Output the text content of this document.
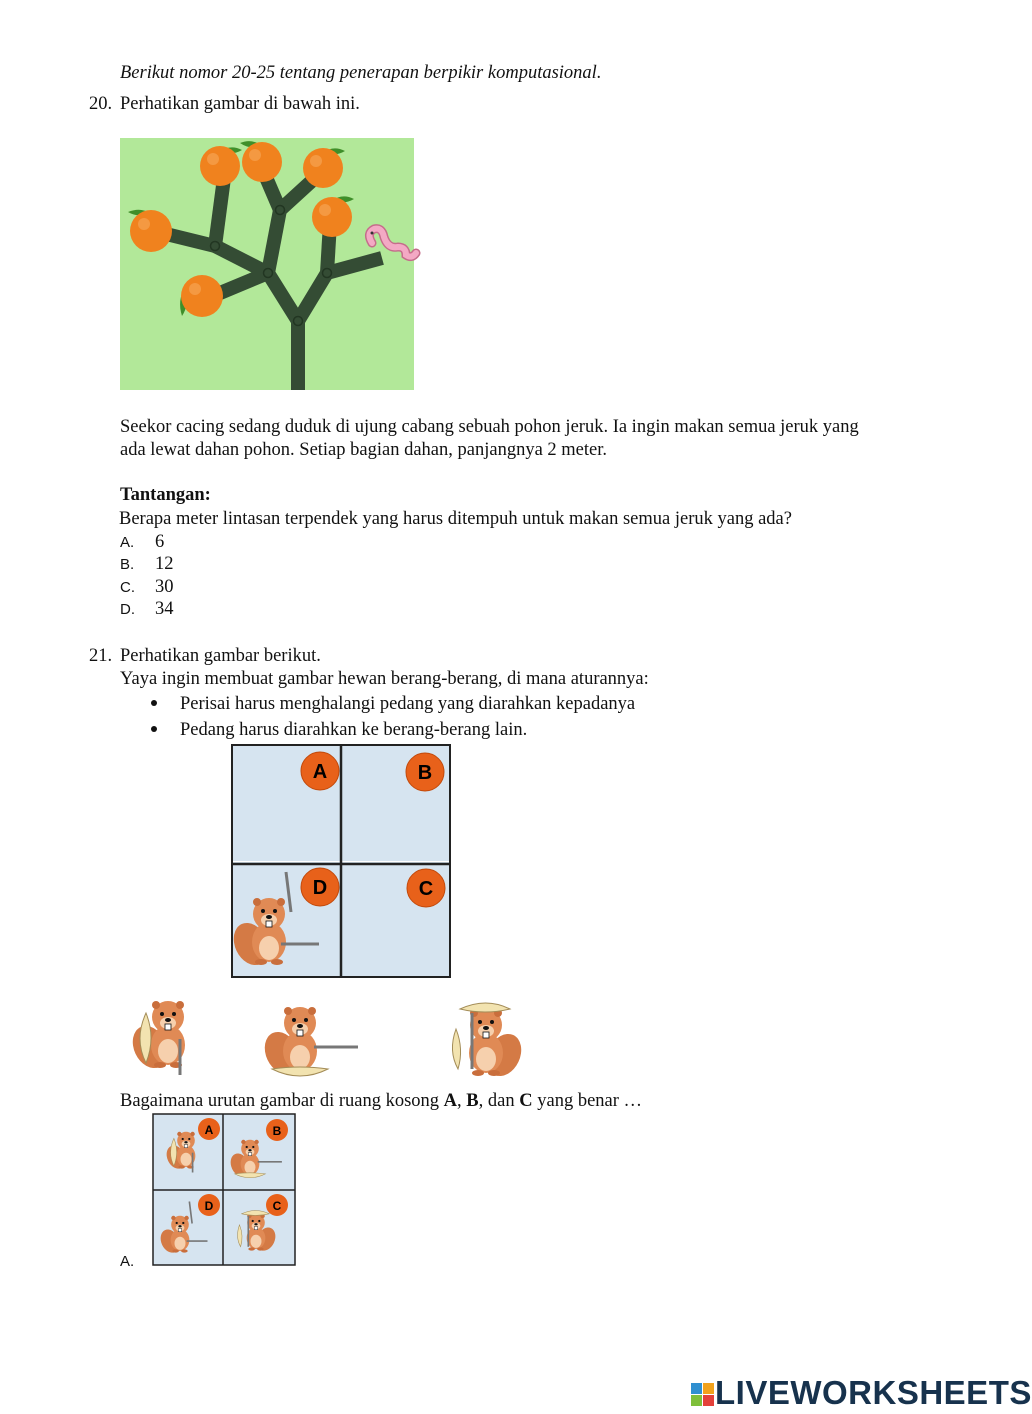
Berikut nomor 20-25 tentang penerapan berpikir komputasional.
20. Perhatikan gambar di bawah ini.
Seekor cacing sedang duduk di ujung cabang sebuah pohon jeruk. Ia ingin makan semua jeruk yang
ada lewat dahan pohon. Setiap bagian dahan, panjangnya 2 meter.
Tantangan:
Berapa meter lintasan terpendek yang harus ditempuh untuk makan semua jeruk yang ada?
A. 6
B. 12
C. 30
D. 34
21. Perhatikan gambar berikut.
Yaya ingin membuat gambar hewan berang-berang, di mana aturannya:
Perisai harus menghalangi pedang yang diarahkan kepadanya
Pedang harus diarahkan ke berang-berang lain.
A	B
D	C
Bagaimana urutan gambar di ruang kosong A, B, dan C yang benar …
A.
A	B
D	C
LIVEWORKSHEETS
